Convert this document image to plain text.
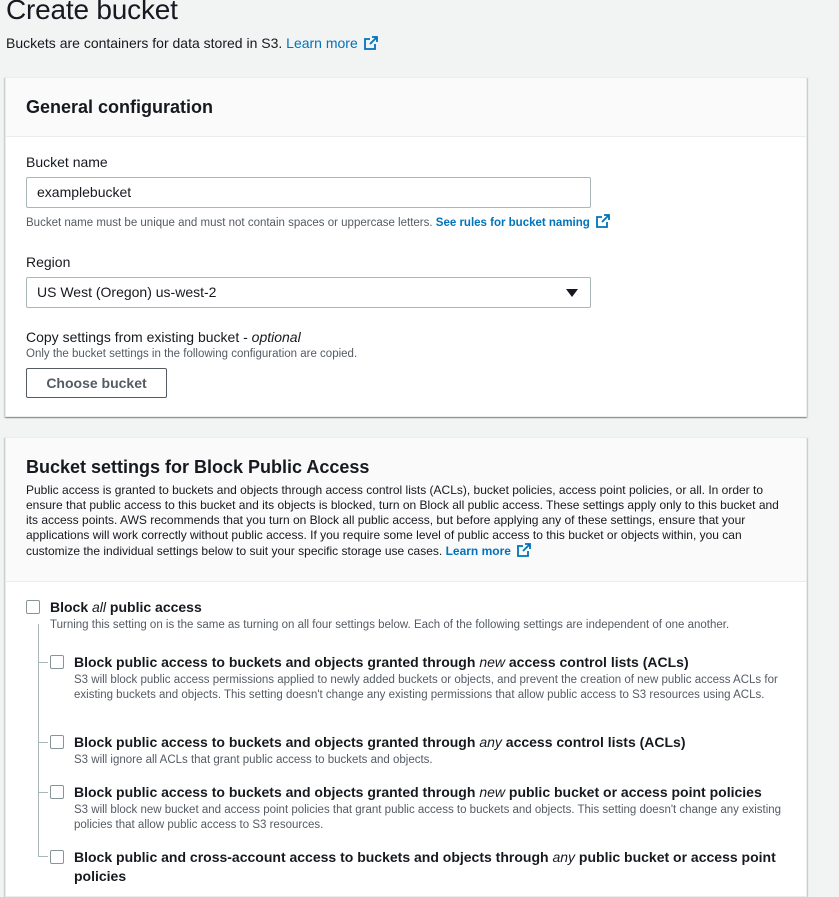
Create bucket
Buckets are containers for data stored in S3. Learn more
General configuration
Bucket name
examplebucket
Bucket name must be unique and must not contain spaces or uppercase letters. See rules for bucket naming
Region
US West (Oregon) us-west-2
Copy settings from existing bucket - optional
Only the bucket settings in the following configuration are copied.
Choose bucket
Bucket settings for Block Public Access
Public access is granted to buckets and objects through access control lists (ACLs), bucket policies, access point policies, or all. In order to ensure that public access to this bucket and its objects is blocked, turn on Block all public access. These settings apply only to this bucket and its access points. AWS recommends that you turn on Block all public access, but before applying any of these settings, ensure that your applications will work correctly without public access. If you require some level of public access to this bucket or objects within, you can customize the individual settings below to suit your specific storage use cases. Learn more
Block all public access
Turning this setting on is the same as turning on all four settings below. Each of the following settings are independent of one another.
Block public access to buckets and objects granted through new access control lists (ACLs)
S3 will block public access permissions applied to newly added buckets or objects, and prevent the creation of new public access ACLs for existing buckets and objects. This setting doesn't change any existing permissions that allow public access to S3 resources using ACLs.
Block public access to buckets and objects granted through any access control lists (ACLs)
S3 will ignore all ACLs that grant public access to buckets and objects.
Block public access to buckets and objects granted through new public bucket or access point policies
S3 will block new bucket and access point policies that grant public access to buckets and objects. This setting doesn't change any existing policies that allow public access to S3 resources.
Block public and cross-account access to buckets and objects through any public bucket or access point
policies
